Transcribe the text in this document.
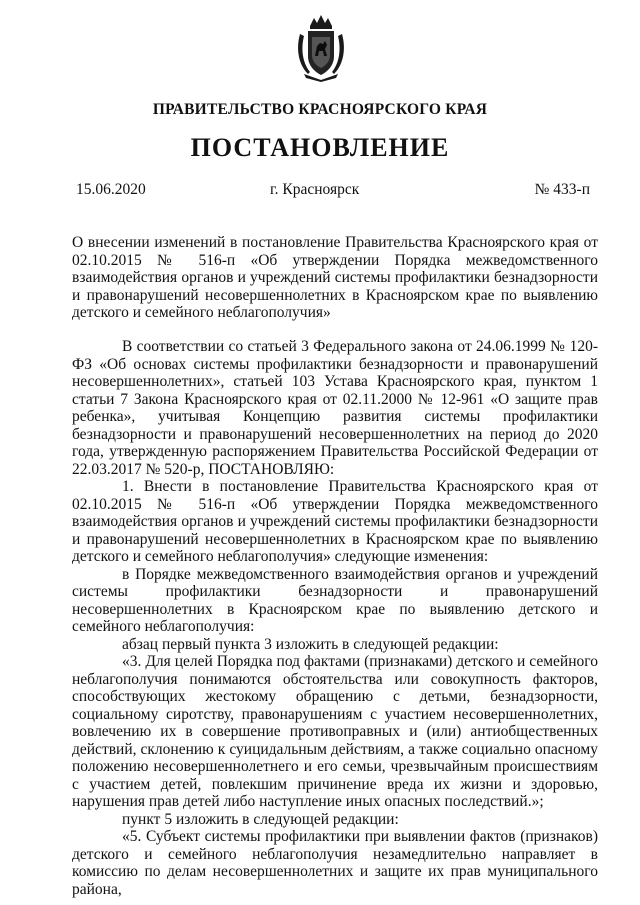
ПРАВИТЕЛЬСТВО КРАСНОЯРСКОГО КРАЯ
ПОСТАНОВЛЕНИЕ
15.06.2020	г. Красноярск	№ 433-п
О внесении изменений в постановление Правительства Красноярского края от 02.10.2015 № 516-п «Об утверждении Порядка межведомственного взаимодействия органов и учреждений системы профилактики безнадзорности и правонарушений несовершеннолетних в Красноярском крае по выявлению детского и семейного неблагополучия»

В соответствии со статьей 3 Федерального закона от 24.06.1999 № 120-ФЗ «Об основах системы профилактики безнадзорности и правонарушений несовершеннолетних», статьей 103 Устава Красноярского края, пунктом 1 статьи 7 Закона Красноярского края от 02.11.2000 № 12-961 «О защите прав ребенка», учитывая Концепцию развития системы профилактики безнадзорности и правонарушений несовершеннолетних на период до 2020 года, утвержденную распоряжением Правительства Российской Федерации от 22.03.2017 № 520-р, ПОСТАНОВЛЯЮ:

1. Внести в постановление Правительства Красноярского края от 02.10.2015 № 516-п «Об утверждении Порядка межведомственного взаимодействия органов и учреждений системы профилактики безнадзорности и правонарушений несовершеннолетних в Красноярском крае по выявлению детского и семейного неблагополучия» следующие изменения:

в Порядке межведомственного взаимодействия органов и учреждений системы профилактики безнадзорности и правонарушений несовершеннолетних в Красноярском крае по выявлению детского и семейного неблагополучия:

абзац первый пункта 3 изложить в следующей редакции:

«3. Для целей Порядка под фактами (признаками) детского и семейного неблагополучия понимаются обстоятельства или совокупность факторов, способствующих жестокому обращению с детьми, безнадзорности, социальному сиротству, правонарушениям с участием несовершеннолетних, вовлечению их в совершение противоправных и (или) антиобщественных действий, склонению к суицидальным действиям, а также социально опасному положению несовершеннолетнего и его семьи, чрезвычайным происшествиям с участием детей, повлекшим причинение вреда их жизни и здоровью, нарушения прав детей либо наступление иных опасных последствий.»;

пункт 5 изложить в следующей редакции:

«5. Субъект системы профилактики при выявлении фактов (признаков) детского и семейного неблагополучия незамедлительно направляет в комиссию по делам несовершеннолетних и защите их прав муниципального района,
